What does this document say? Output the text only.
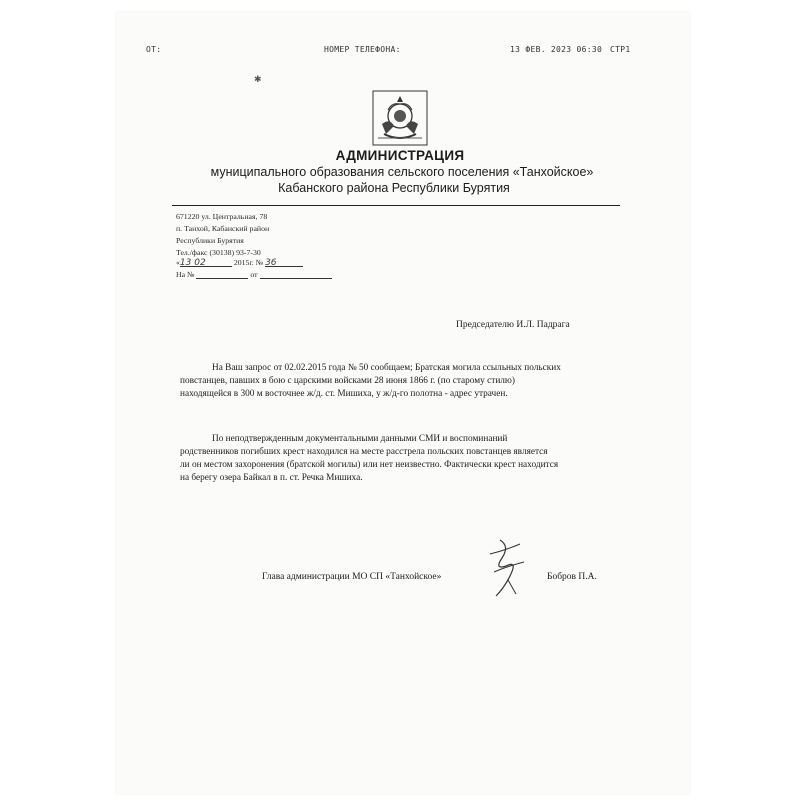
ОТ:	НОМЕР ТЕЛЕФОНА:	13 ФЕВ. 2023 06:30 СТР1
✱
АДМИНИСТРАЦИЯ
муниципального образования сельского поселения «Танхойское»
Кабанского района Республики Бурятия
671220 ул. Центральная, 78
п. Танхой, Кабанский район
Республики Бурятия
Тел./факс (30138) 93-7-30
«13 02	2015г. № 36
На №	от
Председателю И.Л. Падрага
На Ваш запрос от 02.02.2015 года № 50 сообщаем; Братская могила ссыльных польских
повстанцев, павших в бою с царскими войсками 28 июня 1866 г. (по старому стилю)
находящейся в 300 м восточнее ж/д. ст. Мишиха, у ж/д-го полотна - адрес утрачен.
По неподтвержденным документальными данными СМИ и воспоминаний
родственников погибших крест находился на месте расстрела польских повстанцев является
ли он местом захоронения (братской могилы) или нет неизвестно. Фактически крест находится
на берегу озера Байкал в п. ст. Речка Мишиха.
Глава администрации МО СП «Танхойское»	Бобров П.А.
